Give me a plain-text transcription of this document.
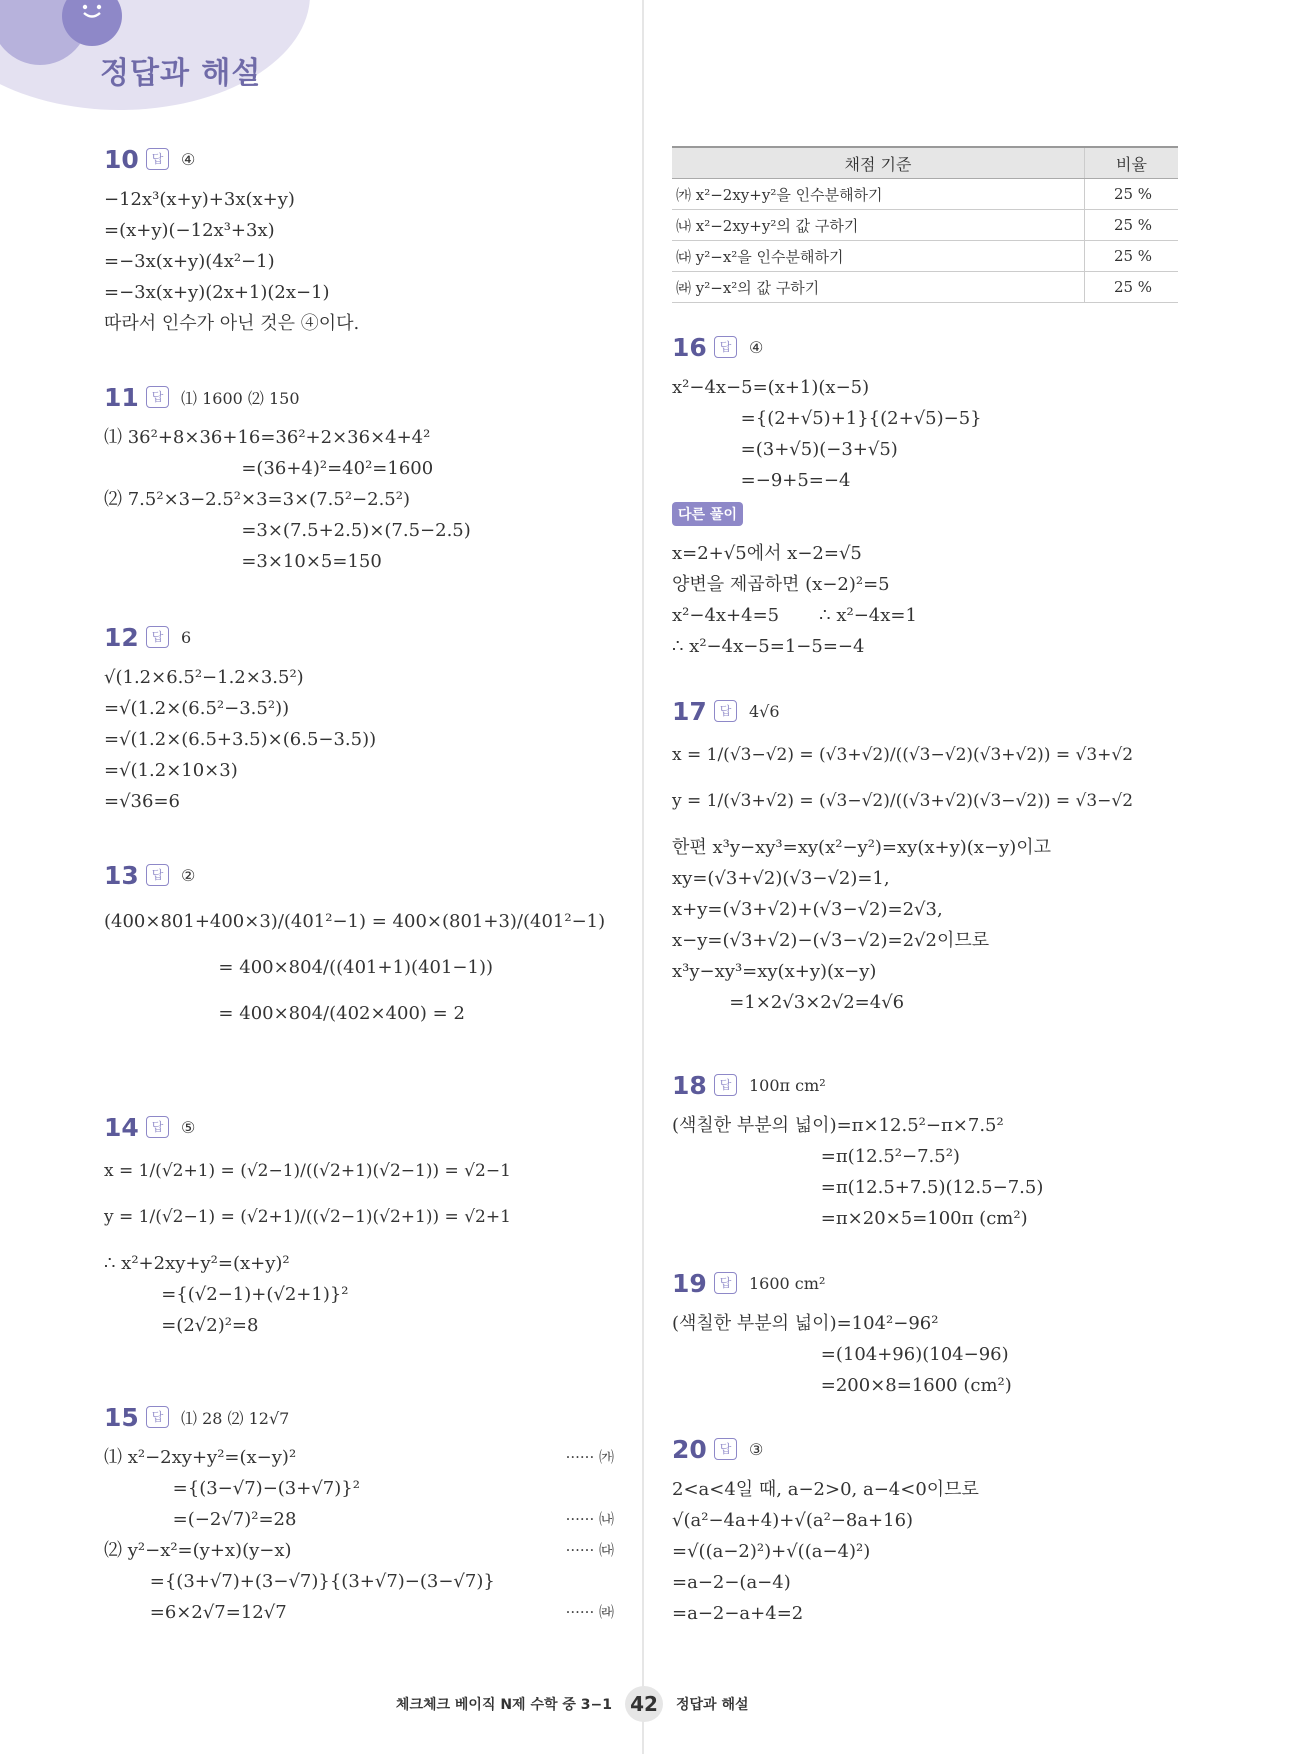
정답과 해설
10	답	④
−12x³(x+y)+3x(x+y)
=(x+y)(−12x³+3x)
=−3x(x+y)(4x²−1)
=−3x(x+y)(2x+1)(2x−1)
따라서 인수가 아닌 것은 ④이다.
11	답	⑴ 1600 ⑵ 150
⑴ 36²+8×36+16=36²+2×36×4+4²
=(36+4)²=40²=1600
⑵ 7.5²×3−2.5²×3=3×(7.5²−2.5²)
=3×(7.5+2.5)×(7.5−2.5)
=3×10×5=150
12	답	6
√(1.2×6.5²−1.2×3.5²)
=√(1.2×(6.5²−3.5²))
=√(1.2×(6.5+3.5)×(6.5−3.5))
=√(1.2×10×3)
=√36=6
13	답	②
(400×801+400×3)/(401²−1) = 400×(801+3)/(401²−1)
= 400×804/((401+1)(401−1))
= 400×804/(402×400) = 2
14	답	⑤
x = 1/(√2+1) = (√2−1)/((√2+1)(√2−1)) = √2−1
y = 1/(√2−1) = (√2+1)/((√2−1)(√2+1)) = √2+1
∴ x²+2xy+y²=(x+y)²
={(√2−1)+(√2+1)}²
=(2√2)²=8
15	답	⑴ 28 ⑵ 12√7
⑴ x²−2xy+y²=(x−y)²	······ ㈎
={(3−√7)−(3+√7)}²
=(−2√7)²=28	······ ㈏
⑵ y²−x²=(y+x)(y−x)	······ ㈐
={(3+√7)+(3−√7)}{(3+√7)−(3−√7)}
=6×2√7=12√7	······ ㈑
채점 기준	비율
㈎ x²−2xy+y²을 인수분해하기	25 %
㈏ x²−2xy+y²의 값 구하기	25 %
㈐ y²−x²을 인수분해하기	25 %
㈑ y²−x²의 값 구하기	25 %
16	답	④
x²−4x−5=(x+1)(x−5)
={(2+√5)+1}{(2+√5)−5}
=(3+√5)(−3+√5)
=−9+5=−4
다른 풀이
x=2+√5에서 x−2=√5
양변을 제곱하면 (x−2)²=5
x²−4x+4=5       ∴ x²−4x=1
∴ x²−4x−5=1−5=−4
17	답	4√6
x = 1/(√3−√2) = (√3+√2)/((√3−√2)(√3+√2)) = √3+√2
y = 1/(√3+√2) = (√3−√2)/((√3+√2)(√3−√2)) = √3−√2
한편 x³y−xy³=xy(x²−y²)=xy(x+y)(x−y)이고
xy=(√3+√2)(√3−√2)=1,
x+y=(√3+√2)+(√3−√2)=2√3,
x−y=(√3+√2)−(√3−√2)=2√2이므로
x³y−xy³=xy(x+y)(x−y)
=1×2√3×2√2=4√6
18	답	100π cm²
(색칠한 부분의 넓이)=π×12.5²−π×7.5²
=π(12.5²−7.5²)
=π(12.5+7.5)(12.5−7.5)
=π×20×5=100π (cm²)
19	답	1600 cm²
(색칠한 부분의 넓이)=104²−96²
=(104+96)(104−96)
=200×8=1600 (cm²)
20	답	③
2<a<4일 때, a−2>0, a−4<0이므로
√(a²−4a+4)+√(a²−8a+16)
=√((a−2)²)+√((a−4)²)
=a−2−(a−4)
=a−2−a+4=2
체크체크 베이직 N제 수학 중 3−1 42	정답과 해설
